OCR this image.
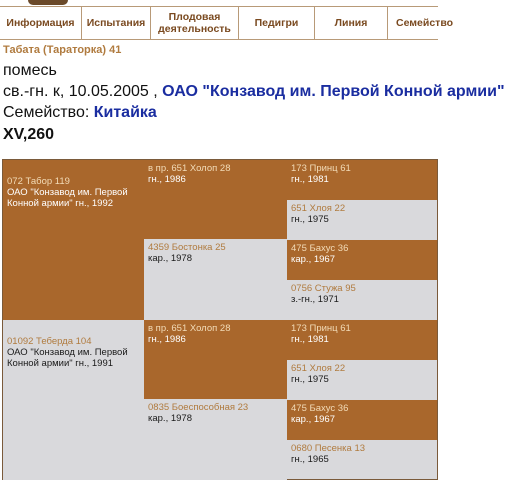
Информация	Испытания	Плодовая
деятельность	Педигри	Линия	Семейство
Табата (Тараторка) 41
помесь
св.-гн. к, 10.05.2005 , ОАО "Конзавод им. Первой Конной армии"
Семейство: Китайка
XV,260
072 Табор 119
ОАО "Конзавод им. Первой Конной армии" гн., 1992
01092 Тебердa 104
ОАО "Конзавод им. Первой Конной армии" гн., 1991
в пр. 651 Холоп 28
гн., 1986
4359 Бостонка 25
кар., 1978
в пр. 651 Холоп 28
гн., 1986
0835 Боеспособная 23
кар., 1978
173 Принц 61
гн., 1981
651 Хлоя 22
гн., 1975
475 Бахус 36
кар., 1967
0756 Стужа 95
з.-гн., 1971
173 Принц 61
гн., 1981
651 Хлоя 22
гн., 1975
475 Бахус 36
кар., 1967
0680 Песенка 13
гн., 1965
